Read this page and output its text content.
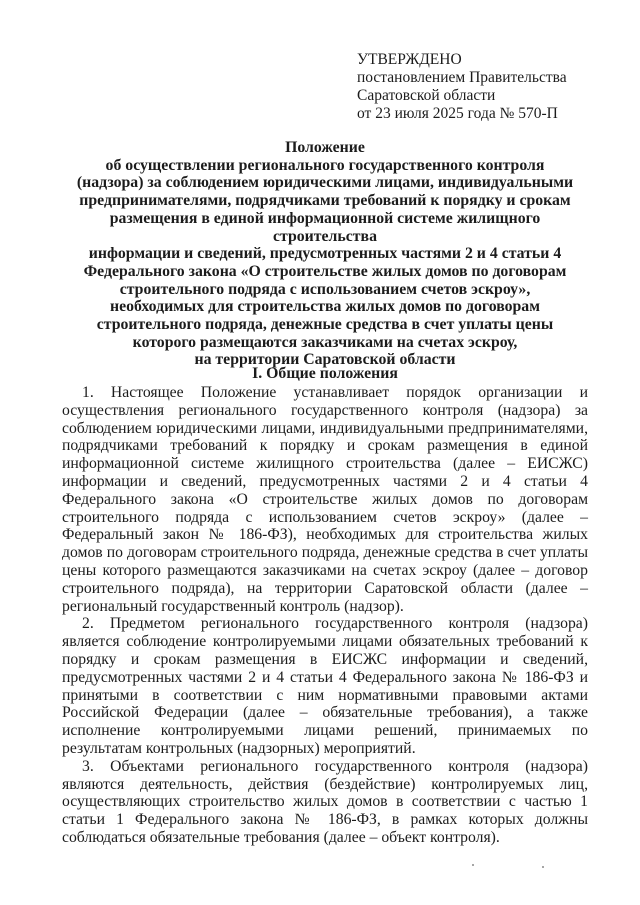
УТВЕРЖДЕНО
постановлением Правительства
Саратовской области
от 23 июля 2025 года № 570-П
Положение
об осуществлении регионального государственного контроля
(надзора) за соблюдением юридическими лицами, индивидуальными
предпринимателями, подрядчиками требований к порядку и срокам
размещения в единой информационной системе жилищного строительства
информации и сведений, предусмотренных частями 2 и 4 статьи 4
Федерального закона «О строительстве жилых домов по договорам
строительного подряда с использованием счетов эскроу»,
необходимых для строительства жилых домов по договорам
строительного подряда, денежные средства в счет уплаты цены
которого размещаются заказчиками на счетах эскроу,
на территории Саратовской области
I. Общие положения

1. Настоящее Положение устанавливает порядок организации и осуществления регионального государственного контроля (надзора) за соблюдением юридическими лицами, индивидуальными предпринимателями, подрядчиками требований к порядку и срокам размещения в единой информационной системе жилищного строительства (далее – ЕИСЖС) информации и сведений, предусмотренных частями 2 и 4 статьи 4 Федерального закона «О строительстве жилых домов по договорам строительного подряда с использованием счетов эскроу» (далее – Федеральный закон № 186-ФЗ), необходимых для строительства жилых домов по договорам строительного подряда, денежные средства в счет уплаты цены которого размещаются заказчиками на счетах эскроу (далее – договор строительного подряда), на территории Саратовской области (далее – региональный государственный контроль (надзор).

2. Предметом регионального государственного контроля (надзора) является соблюдение контролируемыми лицами обязательных требований к порядку и срокам размещения в ЕИСЖС информации и сведений, предусмотренных частями 2 и 4 статьи 4 Федерального закона № 186-ФЗ и принятыми в соответствии с ним нормативными правовыми актами Российской Федерации (далее – обязательные требования), а также исполнение контролируемыми лицами решений, принимаемых по результатам контрольных (надзорных) мероприятий.

3. Объектами регионального государственного контроля (надзора) являются деятельность, действия (бездействие) контролируемых лиц, осуществляющих строительство жилых домов в соответствии с частью 1 статьи 1 Федерального закона № 186-ФЗ, в рамках которых должны соблюдаться обязательные требования (далее – объект контроля).
